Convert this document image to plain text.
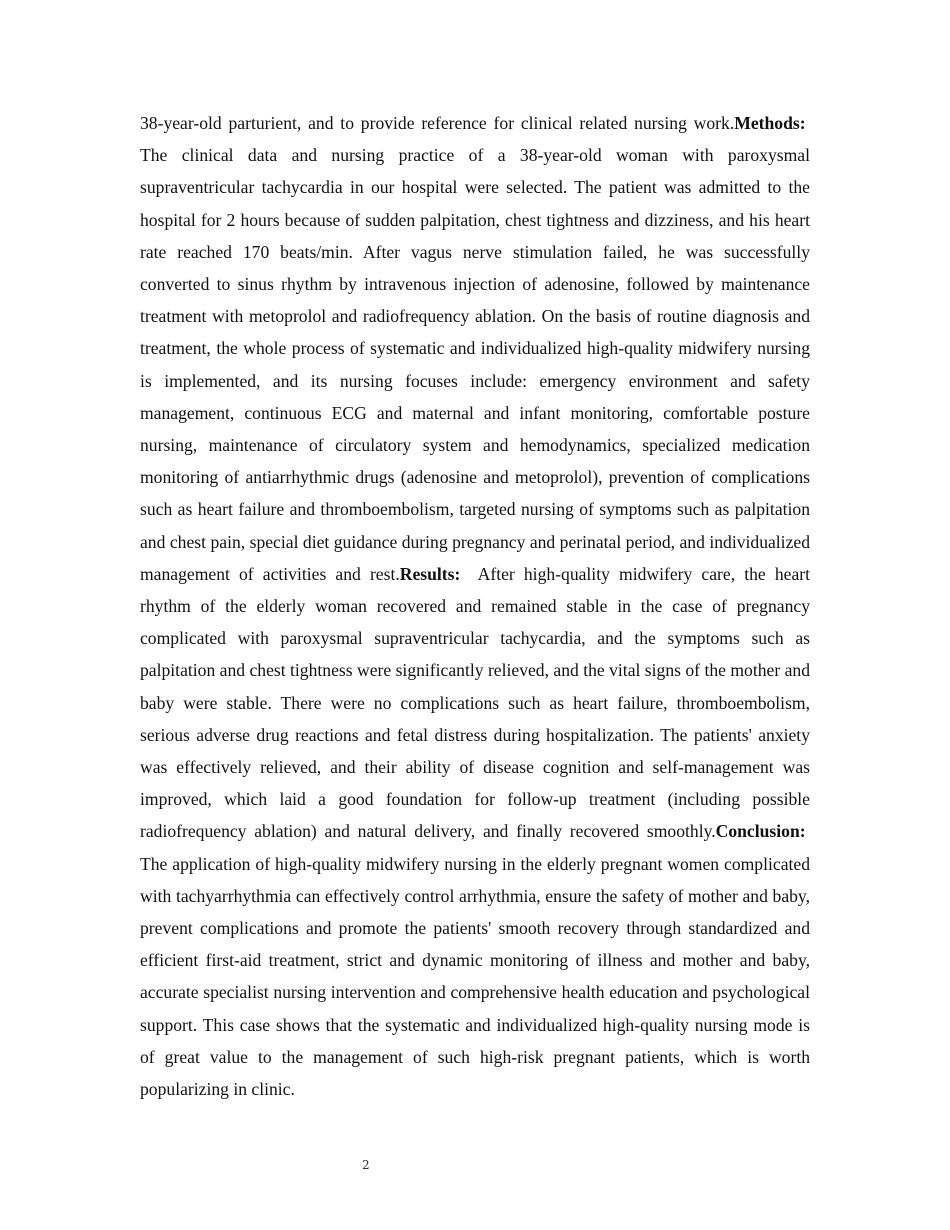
38-year-old parturient, and to provide reference for clinical related nursing work.Methods:  The clinical data and nursing practice of a 38-year-old woman with paroxysmal supraventricular tachycardia in our hospital were selected. The patient was admitted to the hospital for 2 hours because of sudden palpitation, chest tightness and dizziness, and his heart rate reached 170 beats/min. After vagus nerve stimulation failed, he was successfully converted to sinus rhythm by intravenous injection of adenosine, followed by maintenance treatment with metoprolol and radiofrequency ablation. On the basis of routine diagnosis and treatment, the whole process of systematic and individualized high-quality midwifery nursing is implemented, and its nursing focuses include: emergency environment and safety management, continuous ECG and maternal and infant monitoring, comfortable posture nursing, maintenance of circulatory system and hemodynamics, specialized medication monitoring of antiarrhythmic drugs (adenosine and metoprolol), prevention of complications such as heart failure and thromboembolism, targeted nursing of symptoms such as palpitation and chest pain, special diet guidance during pregnancy and perinatal period, and individualized management of activities and rest.Results: After high-quality midwifery care, the heart rhythm of the elderly woman recovered and remained stable in the case of pregnancy complicated with paroxysmal supraventricular tachycardia, and the symptoms such as palpitation and chest tightness were significantly relieved, and the vital signs of the mother and baby were stable. There were no complications such as heart failure, thromboembolism, serious adverse drug reactions and fetal distress during hospitalization. The patients' anxiety was effectively relieved, and their ability of disease cognition and self-management was improved, which laid a good foundation for follow-up treatment (including possible radiofrequency ablation) and natural delivery, and finally recovered smoothly.Conclusion:  The application of high-quality midwifery nursing in the elderly pregnant women complicated with tachyarrhythmia can effectively control arrhythmia, ensure the safety of mother and baby, prevent complications and promote the patients' smooth recovery through standardized and efficient first-aid treatment, strict and dynamic monitoring of illness and mother and baby, accurate specialist nursing intervention and comprehensive health education and psychological support. This case shows that the systematic and individualized high-quality nursing mode is of great value to the management of such high-risk pregnant patients, which is worth popularizing in clinic.

2
